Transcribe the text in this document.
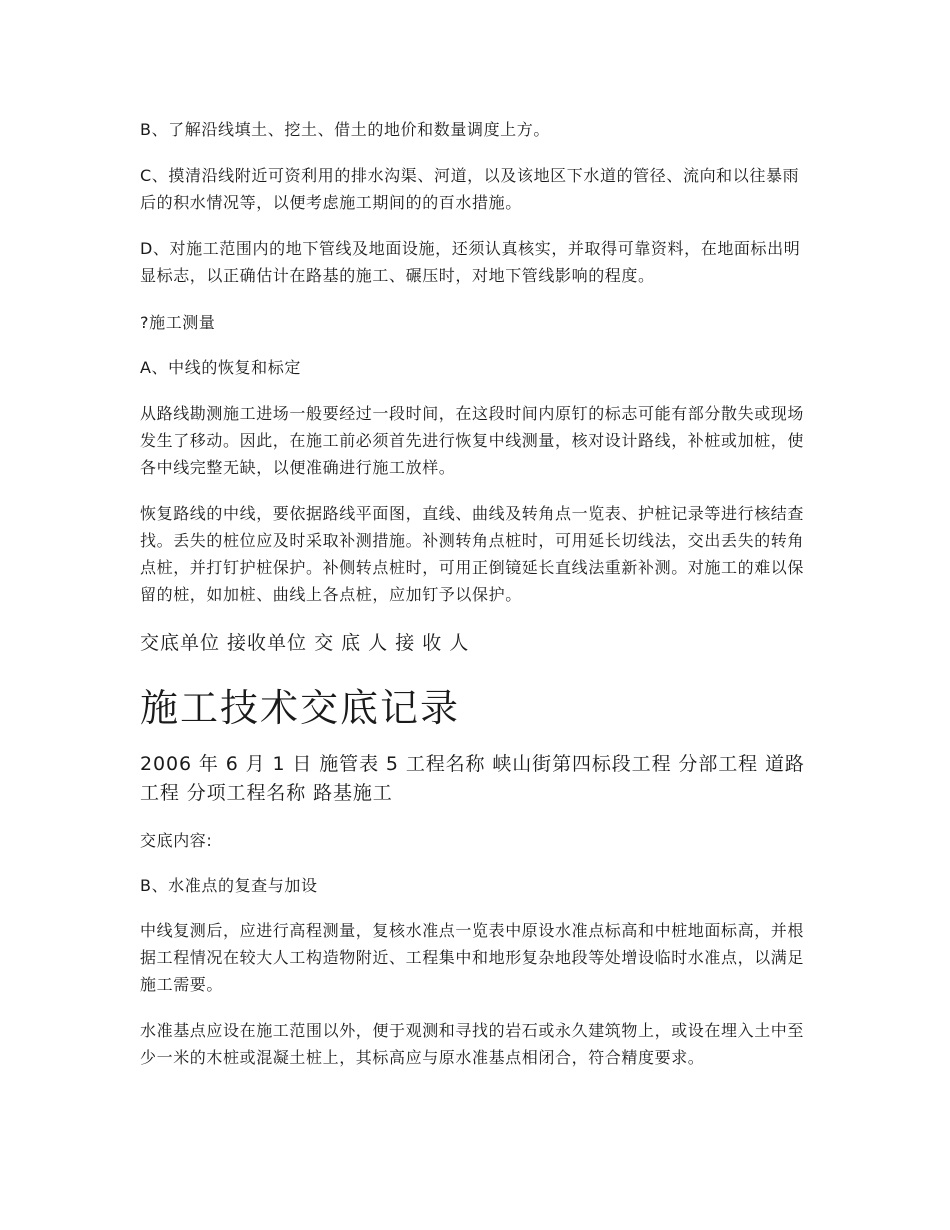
B、了解沿线填土、挖土、借土的地价和数量调度上方。

C、摸清沿线附近可资利用的排水沟渠、河道，以及该地区下水道的管径、流向和以往暴雨后的积水情况等，以便考虑施工期间的的百水措施。

D、对施工范围内的地下管线及地面设施，还须认真核实，并取得可靠资料，在地面标出明显标志，以正确估计在路基的施工、碾压时，对地下管线影响的程度。

?施工测量

A、中线的恢复和标定

从路线勘测施工进场一般要经过一段时间，在这段时间内原钉的标志可能有部分散失或现场发生了移动。因此，在施工前必须首先进行恢复中线测量，核对设计路线，补桩或加桩，使各中线完整无缺，以便准确进行施工放样。

恢复路线的中线，要依据路线平面图，直线、曲线及转角点一览表、护桩记录等进行核结查找。丢失的桩位应及时采取补测措施。补测转角点桩时，可用延长切线法，交出丢失的转角点桩，并打钉护桩保护。补侧转点桩时，可用正倒镜延长直线法重新补测。对施工的难以保留的桩，如加桩、曲线上各点桩，应加钉予以保护。

交底单位 接收单位 交 底 人 接 收 人

施工技术交底记录

2006 年 6 月 1 日 施管表 5 工程名称 峡山街第四标段工程 分部工程 道路工程 分项工程名称 路基施工

交底内容:

B、水准点的复查与加设

中线复测后，应进行高程测量，复核水准点一览表中原设水准点标高和中桩地面标高，并根据工程情况在较大人工构造物附近、工程集中和地形复杂地段等处增设临时水准点，以满足施工需要。

水准基点应设在施工范围以外，便于观测和寻找的岩石或永久建筑物上，或设在埋入土中至少一米的木桩或混凝土桩上，其标高应与原水准基点相闭合，符合精度要求。
